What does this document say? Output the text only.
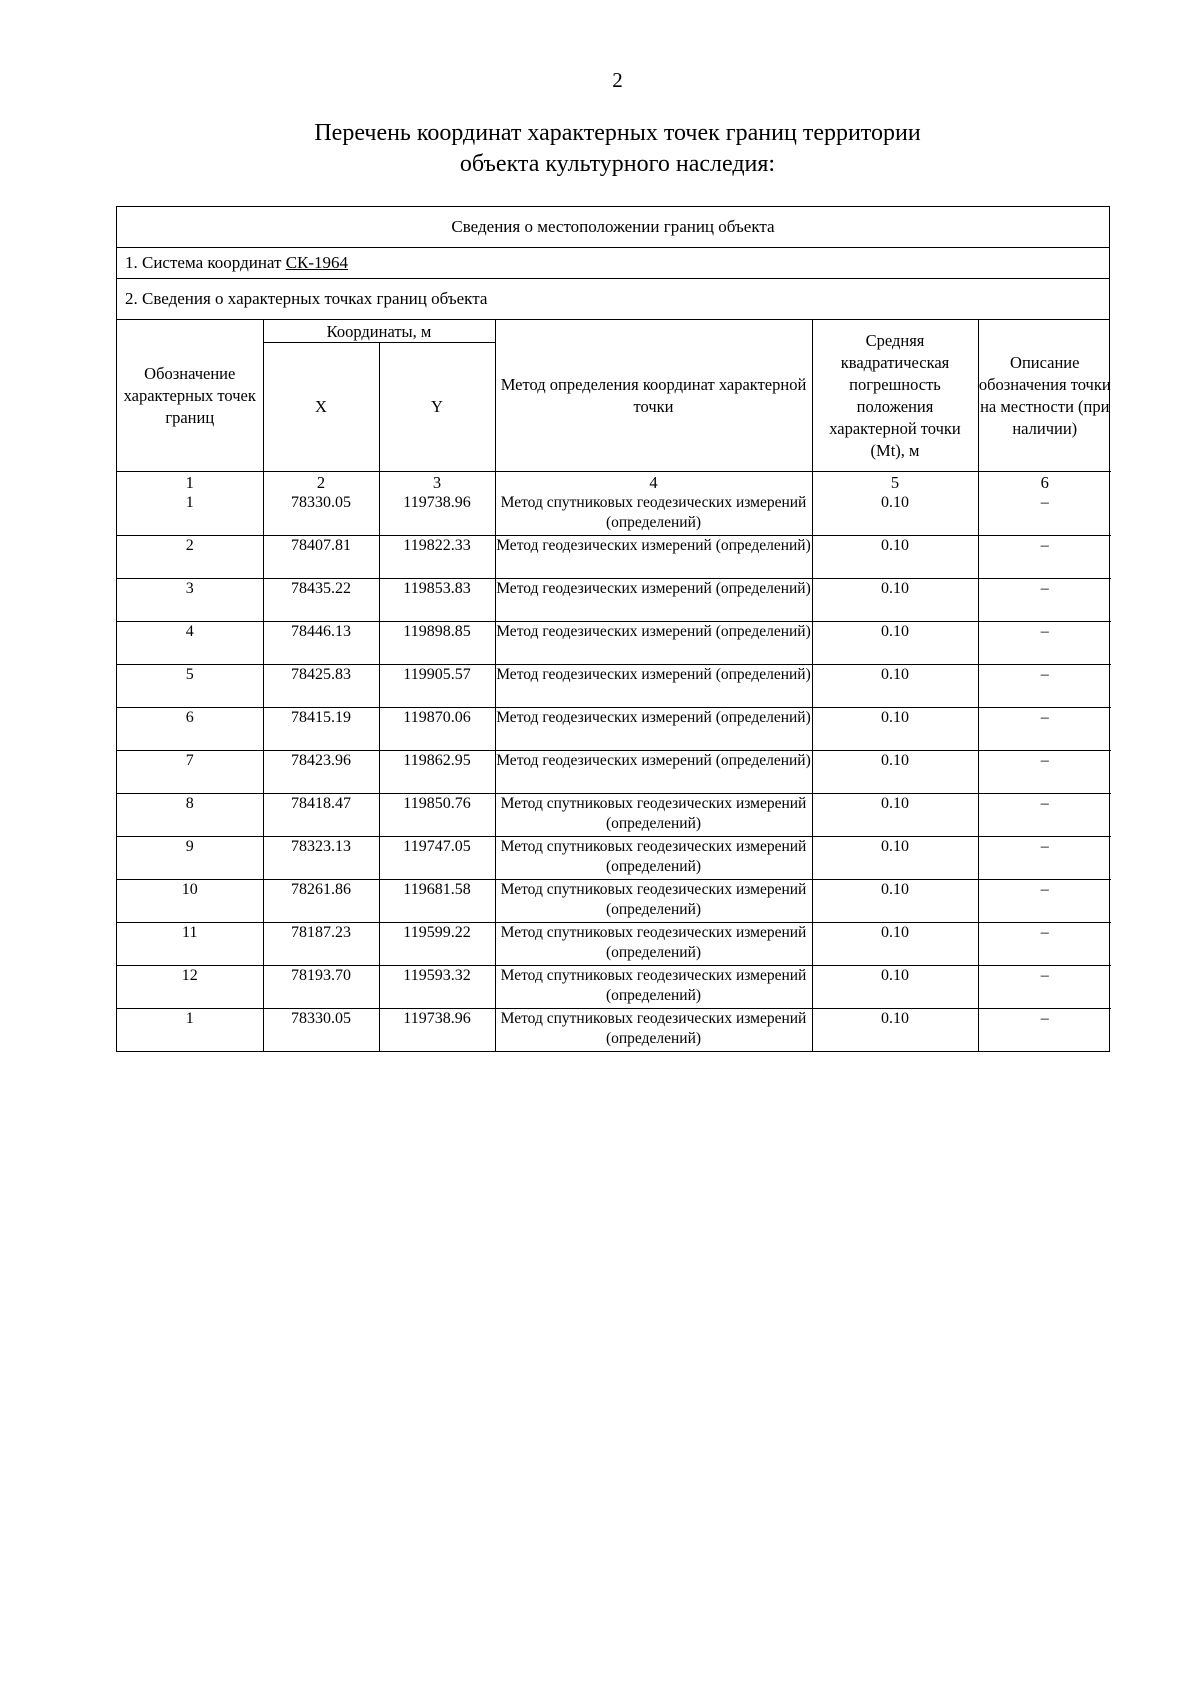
2
Перечень координат характерных точек границ территории
объекта культурного наследия:
Сведения о местоположении границ объекта
1. Система координат СК-1964
2. Сведения о характерных точках границ объекта

Обозначение характерных точек границ	Координаты, м	Метод определения координат характерной точки	Средняя квадратическая погрешность положения характерной точки (Mt), м	Описание обозначения точки на местности (при наличии)
X	Y
1	2	3	4	5	6
1	78330.05	119738.96	Метод спутниковых геодезических измерений (определений)	0.10	–
2	78407.81	119822.33	Метод геодезических измерений (определений)	0.10	–
3	78435.22	119853.83	Метод геодезических измерений (определений)	0.10	–
4	78446.13	119898.85	Метод геодезических измерений (определений)	0.10	–
5	78425.83	119905.57	Метод геодезических измерений (определений)	0.10	–
6	78415.19	119870.06	Метод геодезических измерений (определений)	0.10	–
7	78423.96	119862.95	Метод геодезических измерений (определений)	0.10	–
8	78418.47	119850.76	Метод спутниковых геодезических измерений (определений)	0.10	–
9	78323.13	119747.05	Метод спутниковых геодезических измерений (определений)	0.10	–
10	78261.86	119681.58	Метод спутниковых геодезических измерений (определений)	0.10	–
11	78187.23	119599.22	Метод спутниковых геодезических измерений (определений)	0.10	–
12	78193.70	119593.32	Метод спутниковых геодезических измерений (определений)	0.10	–
1	78330.05	119738.96	Метод спутниковых геодезических измерений (определений)	0.10	–
